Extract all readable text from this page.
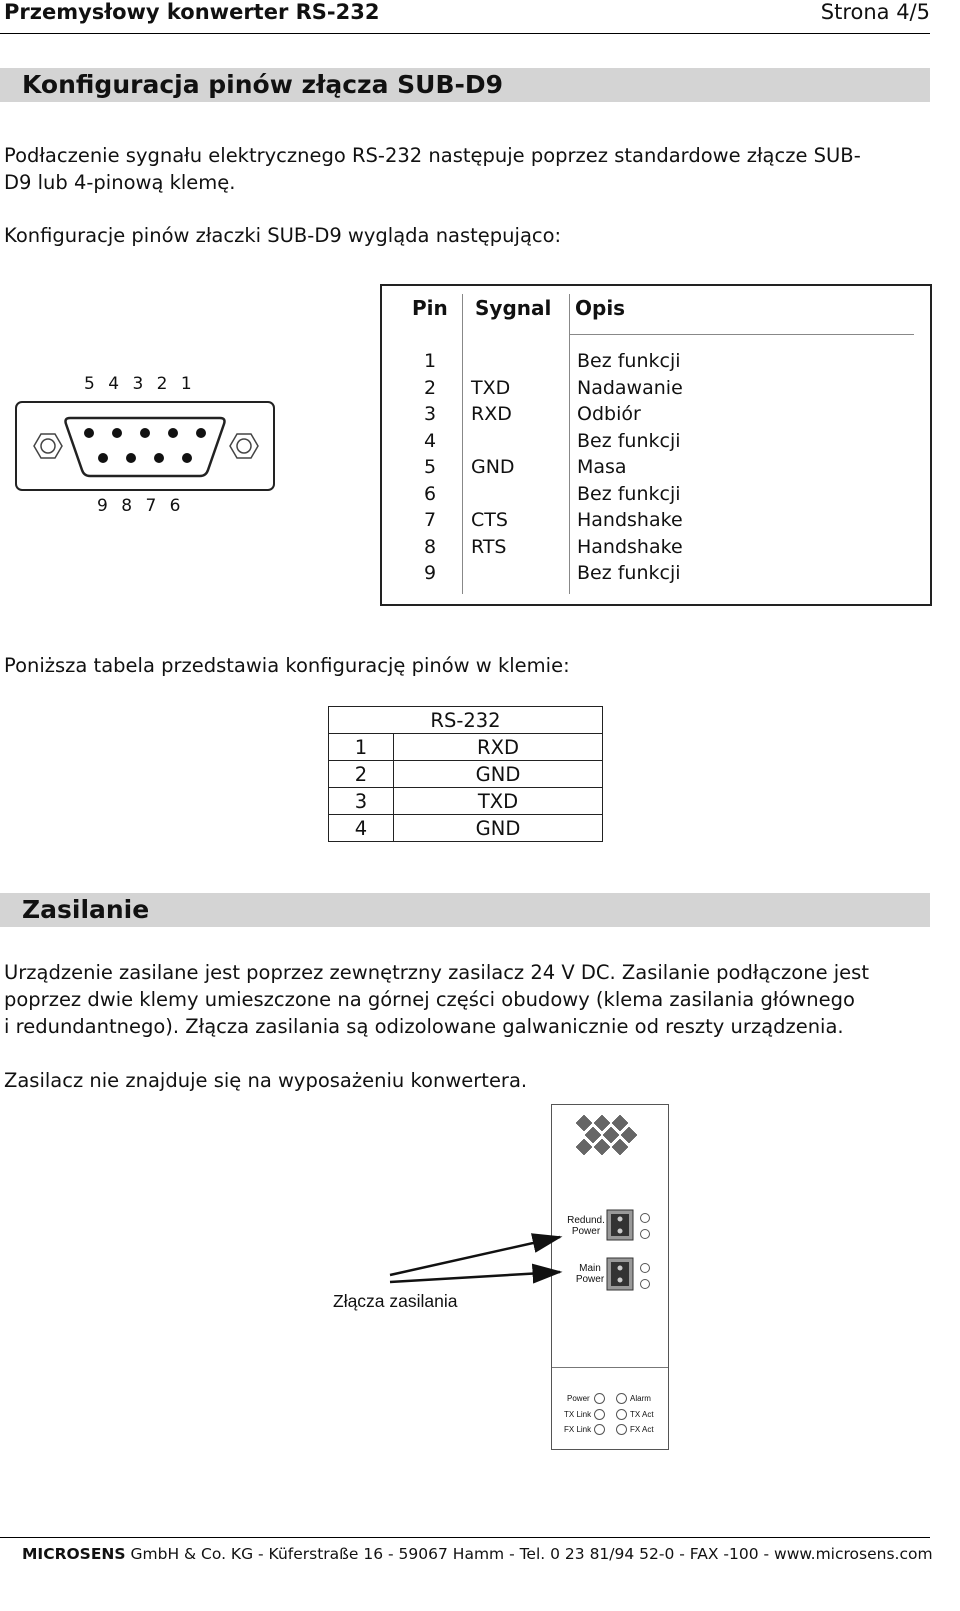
Przemysłowy konwerter RS-232	Strona 4/5
Konfiguracja pinów złącza SUB-D9
Podłaczenie sygnału elektrycznego RS-232 następuje poprzez standardowe złącze SUB-
D9 lub 4-pinową klemę.
Konfiguracje pinów złaczki SUB-D9 wygląda następująco:
5 4 3 2 1
9 8 7 6
Pin Sygnal Opis
1	Bez funkcji
2 TXD	Nadawanie
3 RXD	Odbiór
4	Bez funkcji
5 GND	Masa
6	Bez funkcji
7 CTS	Handshake
8 RTS	Handshake
9	Bez funkcji
Poniższa tabela przedstawia konfigurację pinów w klemie:
RS-232	
1	RXD
2	GND
3	TXD
4	GND
Zasilanie
Urządzenie zasilane jest poprzez zewnętrzny zasilacz 24 V DC. Zasilanie podłączone jest
poprzez dwie klemy umieszczone na górnej części obudowy (klema zasilania głównego
i redundantnego). Złącza zasilania są odizolowane galwanicznie od reszty urządzenia.
Zasilacz nie znajduje się na wyposażeniu konwertera.
Redund.
Power
Main
Power
Power
TX Link
FX Link
Alarm
TX Act
FX Act
Złącza zasilania
MICROSENS GmbH & Co. KG - Küferstraße 16 - 59067 Hamm - Tel. 0 23 81/94 52-0 - FAX -100 - www.microsens.com
